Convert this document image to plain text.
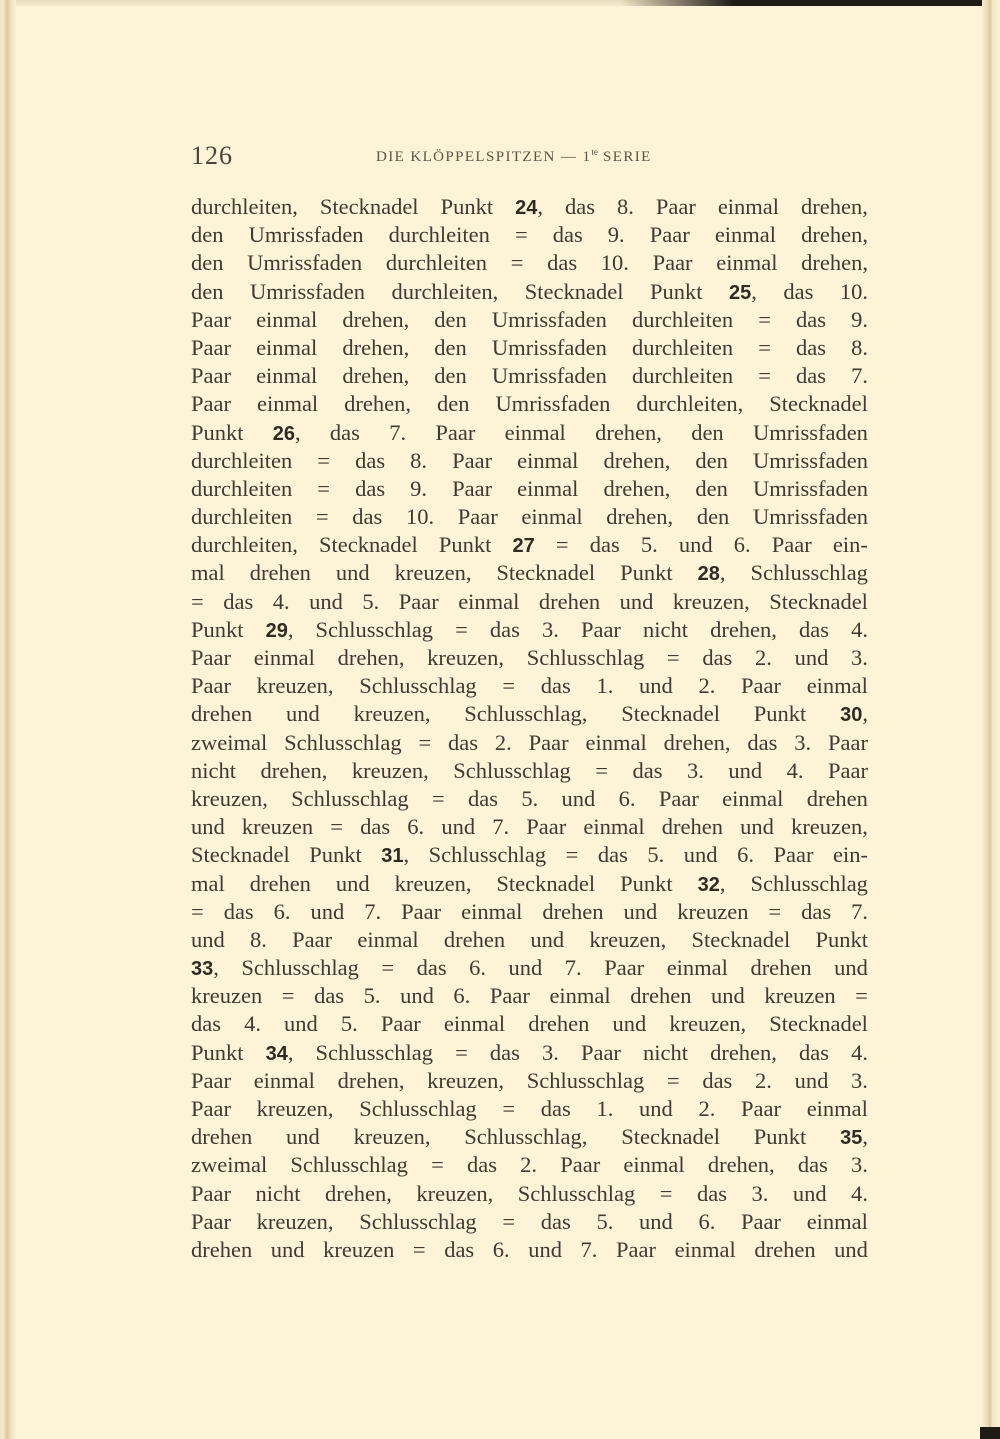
126	DIE KLÖPPELSPITZEN — $1^{te}$ SERIE
durchleiten, Stecknadel Punkt 24, das 8. Paar einmal drehen,
den Umrissfaden durchleiten = das 9. Paar einmal drehen,
den Umrissfaden durchleiten = das 10. Paar einmal drehen,
den Umrissfaden durchleiten, Stecknadel Punkt 25, das 10.
Paar einmal drehen, den Umrissfaden durchleiten = das 9.
Paar einmal drehen, den Umrissfaden durchleiten = das 8.
Paar einmal drehen, den Umrissfaden durchleiten = das 7.
Paar einmal drehen, den Umrissfaden durchleiten, Stecknadel
Punkt 26, das 7. Paar einmal drehen, den Umrissfaden
durchleiten = das 8. Paar einmal drehen, den Umrissfaden
durchleiten = das 9. Paar einmal drehen, den Umrissfaden
durchleiten = das 10. Paar einmal drehen, den Umrissfaden
durchleiten, Stecknadel Punkt 27 = das 5. und 6. Paar ein-
mal drehen und kreuzen, Stecknadel Punkt 28, Schlusschlag
= das 4. und 5. Paar einmal drehen und kreuzen, Stecknadel
Punkt 29, Schlusschlag = das 3. Paar nicht drehen, das 4.
Paar einmal drehen, kreuzen, Schlusschlag = das 2. und 3.
Paar kreuzen, Schlusschlag = das 1. und 2. Paar einmal
drehen und kreuzen, Schlusschlag, Stecknadel Punkt 30,
zweimal Schlusschlag = das 2. Paar einmal drehen, das 3. Paar
nicht drehen, kreuzen, Schlusschlag = das 3. und 4. Paar
kreuzen, Schlusschlag = das 5. und 6. Paar einmal drehen
und kreuzen = das 6. und 7. Paar einmal drehen und kreuzen,
Stecknadel Punkt 31, Schlusschlag = das 5. und 6. Paar ein-
mal drehen und kreuzen, Stecknadel Punkt 32, Schlusschlag
= das 6. und 7. Paar einmal drehen und kreuzen = das 7.
und 8. Paar einmal drehen und kreuzen, Stecknadel Punkt
33, Schlusschlag = das 6. und 7. Paar einmal drehen und
kreuzen = das 5. und 6. Paar einmal drehen und kreuzen =
das 4. und 5. Paar einmal drehen und kreuzen, Stecknadel
Punkt 34, Schlusschlag = das 3. Paar nicht drehen, das 4.
Paar einmal drehen, kreuzen, Schlusschlag = das 2. und 3.
Paar kreuzen, Schlusschlag = das 1. und 2. Paar einmal
drehen und kreuzen, Schlusschlag, Stecknadel Punkt 35,
zweimal Schlusschlag = das 2. Paar einmal drehen, das 3.
Paar nicht drehen, kreuzen, Schlusschlag = das 3. und 4.
Paar kreuzen, Schlusschlag = das 5. und 6. Paar einmal
drehen und kreuzen = das 6. und 7. Paar einmal drehen und
